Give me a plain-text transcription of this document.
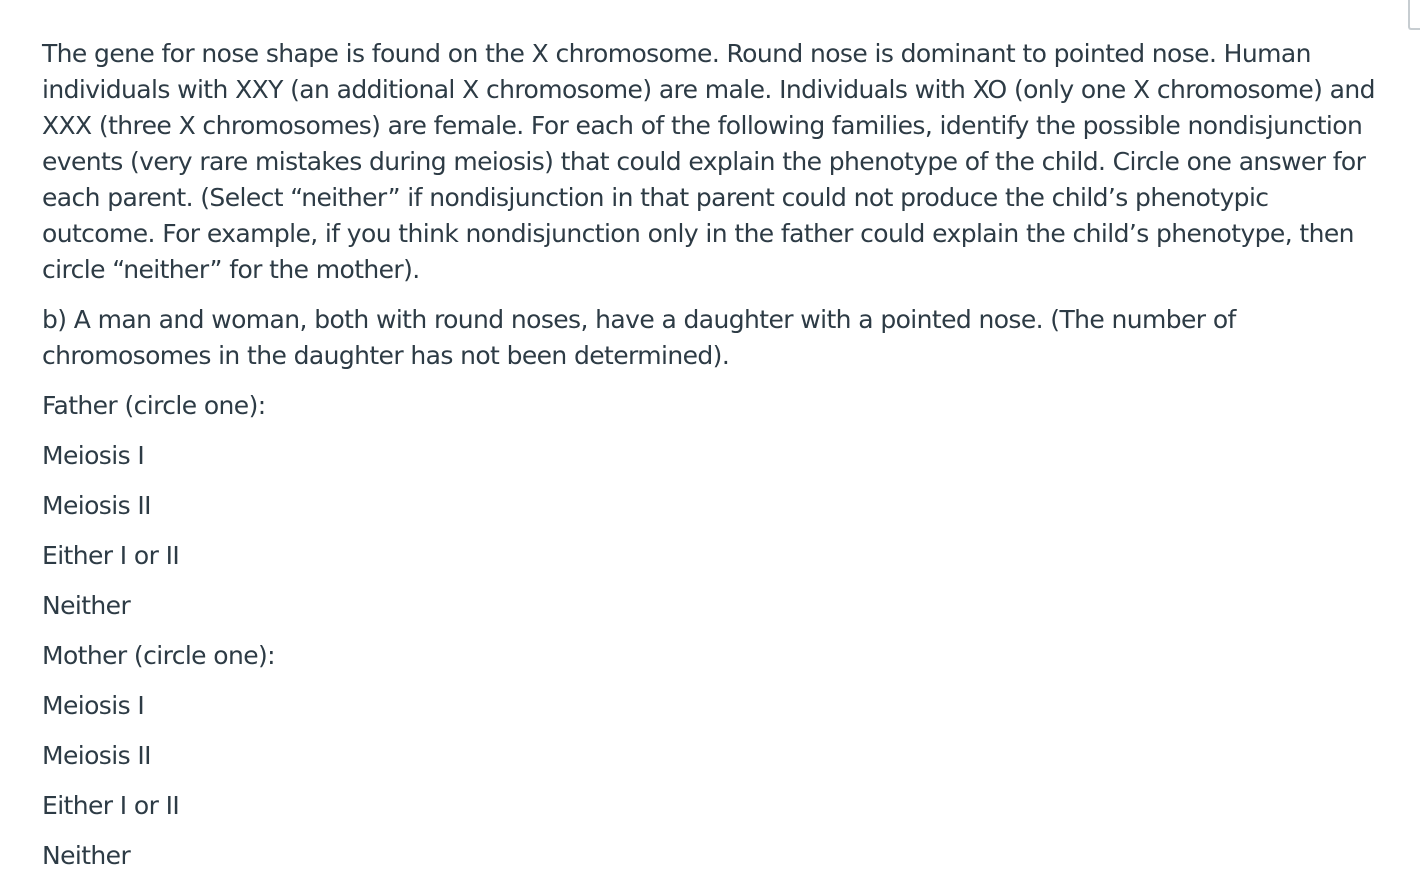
The gene for nose shape is found on the X chromosome. Round nose is dominant to pointed nose. Human individuals with XXY (an additional X chromosome) are male. Individuals with XO (only one X chromosome) and XXX (three X chromosomes) are female. For each of the following families, identify the possible nondisjunction events (very rare mistakes during meiosis) that could explain the phenotype of the child. Circle one answer for each parent. (Select “neither” if nondisjunction in that parent could not produce the child’s phenotypic outcome. For example, if you think nondisjunction only in the father could explain the child’s phenotype, then circle “neither” for the mother).

b) A man and woman, both with round noses, have a daughter with a pointed nose. (The number of chromosomes in the daughter has not been determined).

Father (circle one):
Meiosis I
Meiosis II
Either I or II
Neither
Mother (circle one):
Meiosis I
Meiosis II
Either I or II
Neither
